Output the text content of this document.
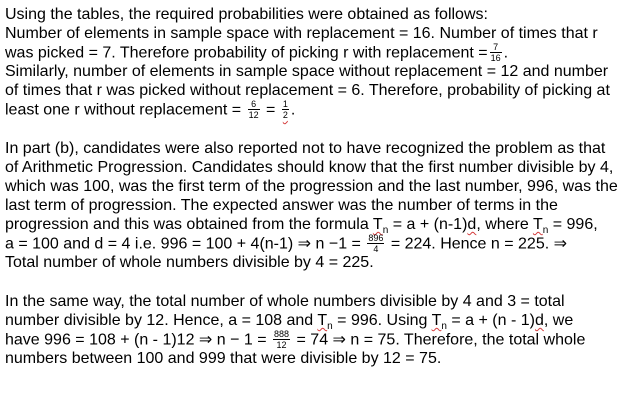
Using the tables, the required probabilities were obtained as follows:
Number of elements in sample space with replacement = 16. Number of times that r
was picked = 7. Therefore probability of picking r with replacement = $\frac{7}{16}$ .
Similarly, number of elements in sample space without replacement = 12 and number
of times that r was picked without replacement = 6. Therefore, probability of picking at
least one r without replacement = $\frac{6}{12} = \frac{1}{2}$ .
In part (b), candidates were also reported not to have recognized the problem as that
of Arithmetic Progression. Candidates should know that the first number divisible by 4,
which was 100, was the first term of the progression and the last number, 996, was the
last term of progression. The expected answer was the number of terms in the
progression and this was obtained from the formula $T_n = a + (n-1)d$, where $T_n = 996$,
a = 100 and d = 4 i.e. 996 = 100 + 4(n-1) ⇒ $n -1 = \frac{896}{4} = 224$. Hence n = 225. ⇒
Total number of whole numbers divisible by 4 = 225.
In the same way, the total number of whole numbers divisible by 4 and 3 = total
number divisible by 12. Hence, a = 108 and $T_n = 996$. Using $T_n = a + (n - 1)d$, we
have 996 = 108 + (n - 1)12 ⇒ $n - 1 = \frac{888}{12} = 74$ ⇒ n = 75. Therefore, the total whole
numbers between 100 and 999 that were divisible by 12 = 75.
